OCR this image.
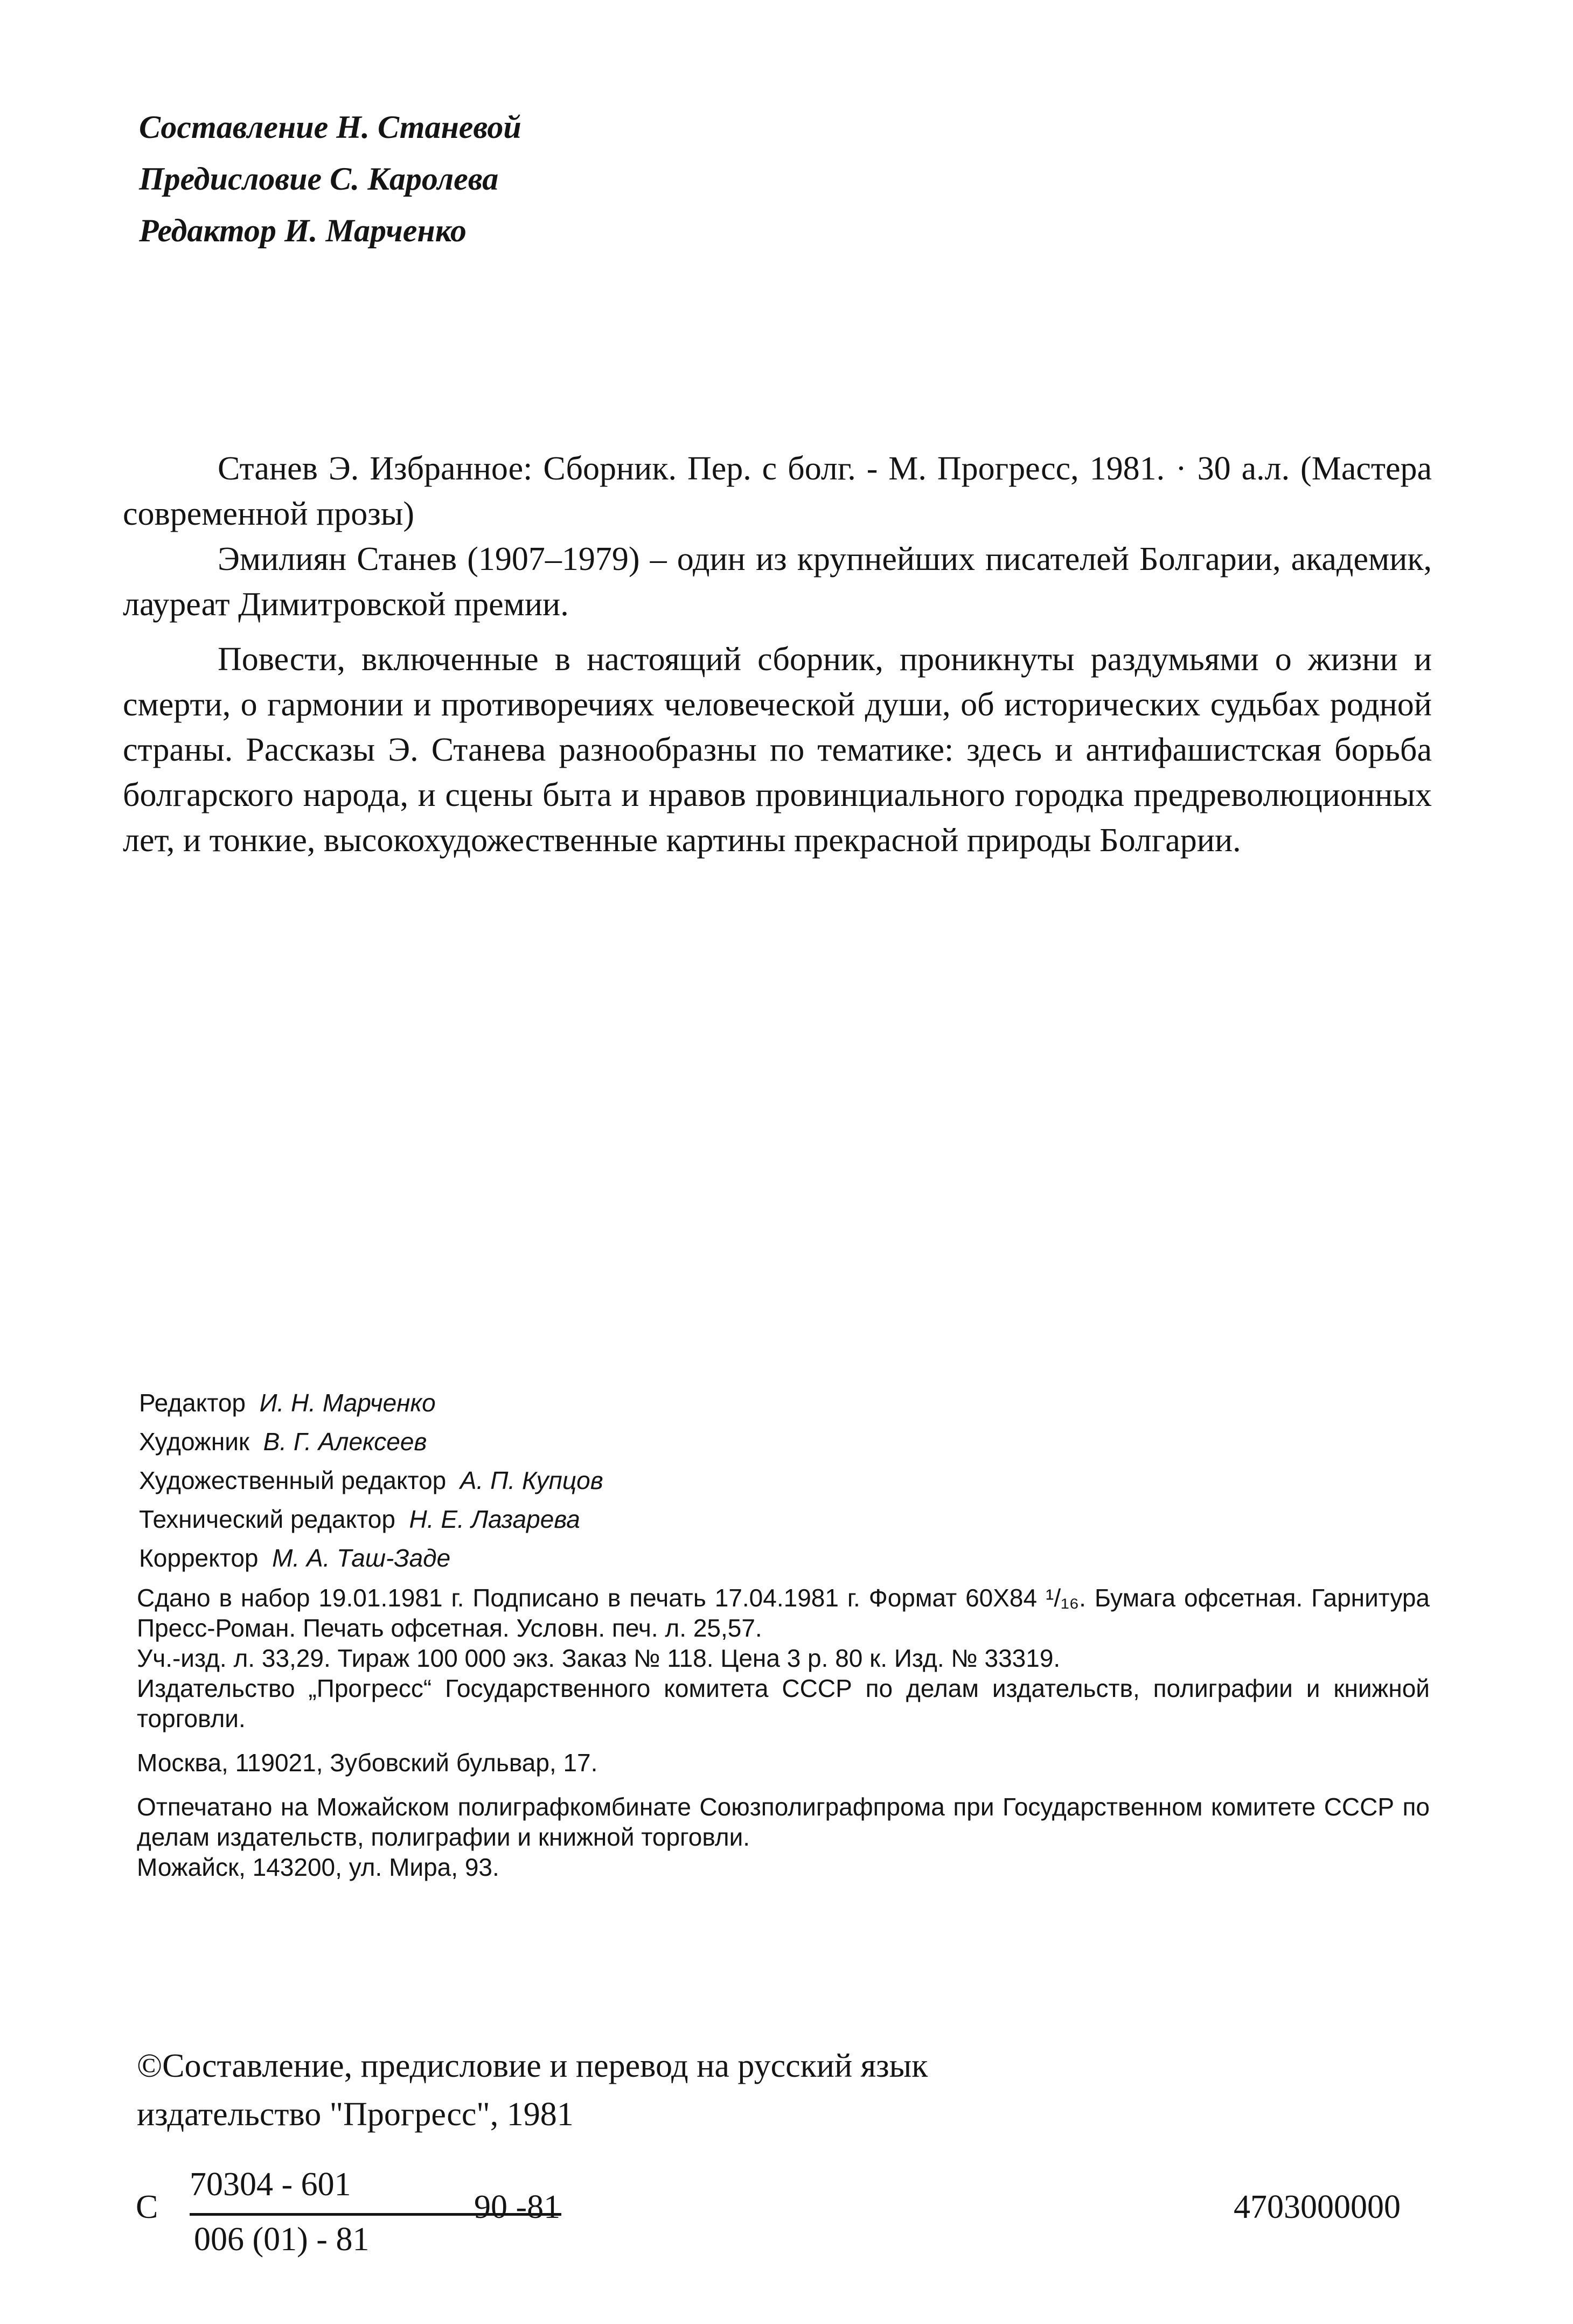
Составление Н. Станевой
Предисловие С. Каролева
Редактор И. Марченко

Станев Э. Избранное: Сборник. Пер. с болг. - М. Прогресс, 1981. · 30 а.л. (Мастера современной прозы)

Эмилиян Станев (1907–1979) – один из крупнейших писателей Болгарии, академик, лауреат Димитровской премии.

Повести, включенные в настоящий сборник, проникнуты раздумьями о жизни и смерти, о гармонии и противоречиях человеческой души, об исторических судьбах родной страны. Рассказы Э. Станева разнообразны по тематике: здесь и антифашистская борьба болгарского народа, и сцены быта и нравов провинциального городка предреволюционных лет, и тонкие, высокохудожественные картины прекрасной природы Болгарии.

Редактор И. Н. Марченко
Художник В. Г. Алексеев
Художественный редактор А. П. Купцов
Технический редактор Н. Е. Лазарева
Корректор М. А. Таш-Заде

Сдано в набор 19.01.1981 г. Подписано в печать 17.04.1981 г. Формат 60X84 ¹/₁₆. Бумага офсетная. Гарнитура Пресс-Роман. Печать офсетная. Условн. печ. л. 25,57.

Уч.-изд. л. 33,29. Тираж 100 000 экз. Заказ № 118. Цена 3 р. 80 к. Изд. № 33319.

Издательство „Прогресс“ Государственного комитета СССР по делам издательств, полиграфии и книжной торговли.

Москва, 119021, Зубовский бульвар, 17.

Отпечатано на Можайском полиграфкомбинате Союзполиграфпрома при Государственном комитете СССР по делам издательств, полиграфии и книжной торговли.

Можайск, 143200, ул. Мира, 93.

©Составление, предисловие и перевод на русский язык
издательство "Прогресс", 1981
С
70304 - 601
006 (01) - 81
90 -81	4703000000
